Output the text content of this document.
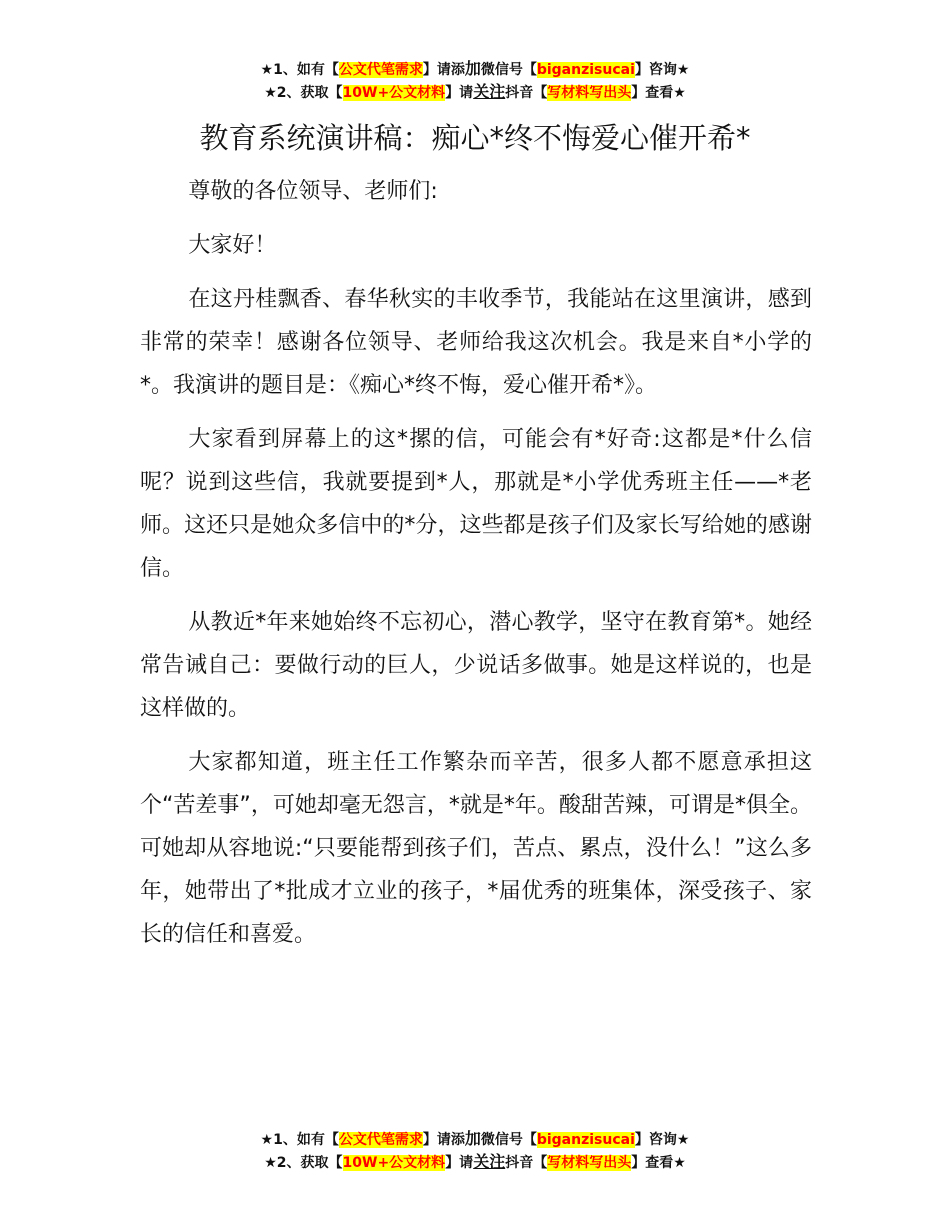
★1、如有【公文代笔需求】请添加微信号【biganzisucai】咨询★
★2、获取【10W+公文材料】请关注抖音【写材料写出头】查看★
教育系统演讲稿：痴心*终不悔爱心催开希*

尊敬的各位领导、老师们:

大家好！

在这丹桂飘香、春华秋实的丰收季节，我能站在这里演讲，感到非常的荣幸！感谢各位领导、老师给我这次机会。我是来自*小学的*。我演讲的题目是：《痴心*终不悔，爱心催开希*》。

大家看到屏幕上的这*摞的信，可能会有*好奇:这都是*什么信呢？说到这些信，我就要提到*人，那就是*小学优秀班主任——*老师。这还只是她众多信中的*分，这些都是孩子们及家长写给她的感谢信。

从教近*年来她始终不忘初心，潜心教学，坚守在教育第*。她经常告诫自己：要做行动的巨人，少说话多做事。她是这样说的，也是这样做的。

大家都知道，班主任工作繁杂而辛苦，很多人都不愿意承担这个“苦差事”，可她却毫无怨言，*就是*年。酸甜苦辣，可谓是*俱全。可她却从容地说:“只要能帮到孩子们，苦点、累点，没什么！”这么多年，她带出了*批成才立业的孩子，*届优秀的班集体，深受孩子、家长的信任和喜爱。

★1、如有【公文代笔需求】请添加微信号【biganzisucai】咨询★
★2、获取【10W+公文材料】请关注抖音【写材料写出头】查看★
